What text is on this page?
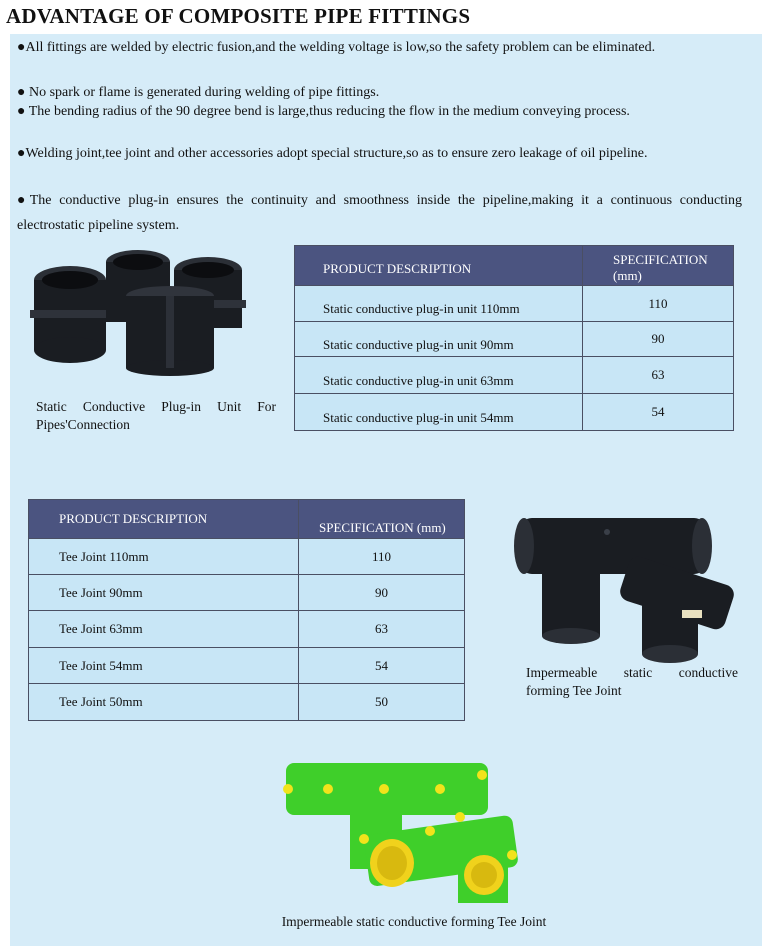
ADVANTAGE OF COMPOSITE PIPE FITTINGS
●All fittings are welded by electric fusion,and the welding voltage is low,so the safety problem can be eliminated.
● No spark or flame is generated during welding of pipe fittings.
● The bending radius of the 90 degree bend is large,thus reducing the flow in the medium conveying process.
●Welding joint,tee joint and other accessories adopt special structure,so as to ensure zero leakage of oil pipeline.
●The conductive plug-in ensures the continuity and smoothness inside the pipeline,making it a continuous conducting electrostatic pipeline system.
Static Conductive Plug-in Unit For Pipes'Connection
PRODUCT DESCRIPTION	SPECIFICATION (mm)
Static conductive plug-in unit 110mm	110
Static conductive plug-in unit 90mm	90
Static conductive plug-in unit 63mm	63
Static conductive plug-in unit 54mm	54
PRODUCT DESCRIPTION	SPECIFICATION (mm)
Tee Joint 110mm	110
Tee Joint 90mm	90
Tee Joint 63mm	63
Tee Joint 54mm	54
Tee Joint 50mm	50
Impermeable static conductive forming Tee Joint
Impermeable static conductive forming Tee Joint
